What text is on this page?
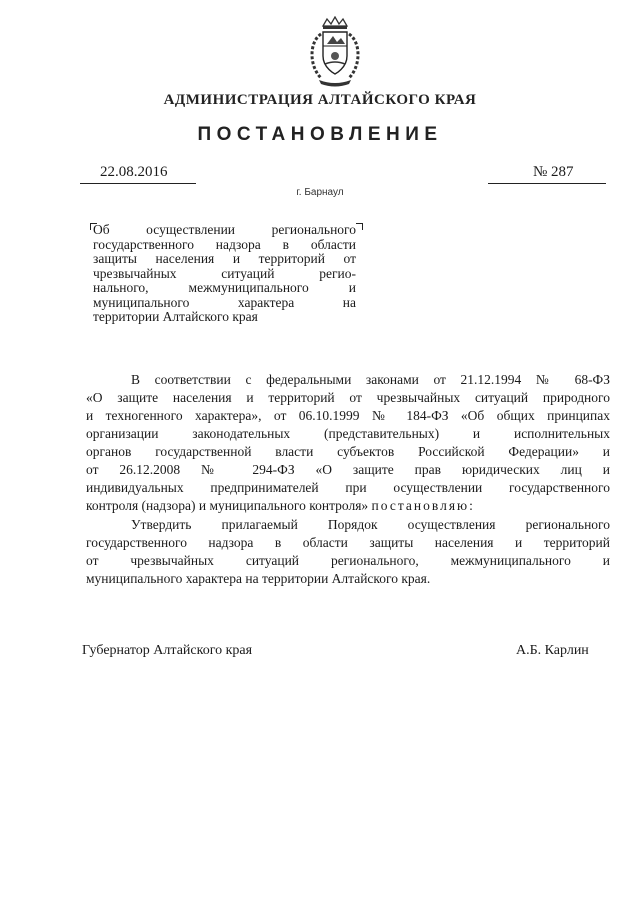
АДМИНИСТРАЦИЯ АЛТАЙСКОГО КРАЯ
ПОСТАНОВЛЕНИЕ
22.08.2016	№ 287
г. Барнаул
Об осуществлении регионального
государственного надзора в области
защиты населения и территорий от
чрезвычайных ситуаций регио-
нального, межмуниципального и
муниципального характера на
территории Алтайского края
В соответствии с федеральными законами от 21.12.1994 № 68-ФЗ
«О защите населения и территорий от чрезвычайных ситуаций природного
и техногенного характера», от 06.10.1999 № 184-ФЗ «Об общих принципах
организации законодательных (представительных) и исполнительных
органов государственной власти субъектов Российской Федерации» и
от 26.12.2008 № 294-ФЗ «О защите прав юридических лиц и
индивидуальных предпринимателей при осуществлении государственного
контроля (надзора) и муниципального контроля» постановляю:
Утвердить прилагаемый Порядок осуществления регионального
государственного надзора в области защиты населения и территорий
от чрезвычайных ситуаций регионального, межмуниципального и
муниципального характера на территории Алтайского края.
Губернатор Алтайского края	А.Б. Карлин
